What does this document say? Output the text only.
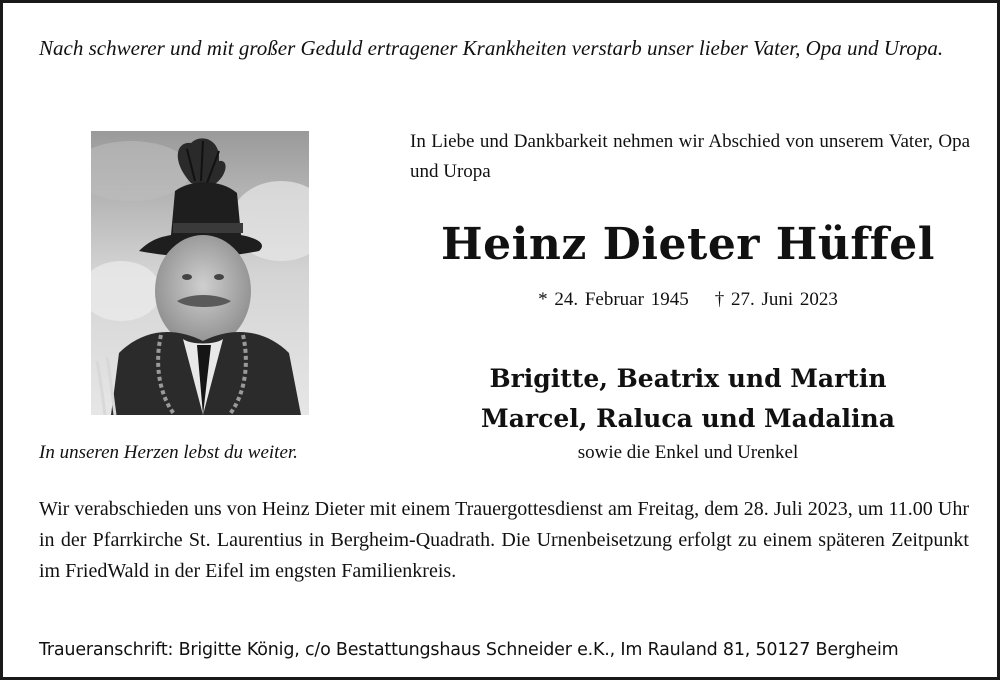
Nach schwerer und mit großer Geduld ertragener Krankheiten verstarb unser lieber Vater, Opa und Uropa.
In unseren Herzen lebst du weiter.
In Liebe und Dankbarkeit nehmen wir Abschied von unserem Vater, Opa und Uropa
Heinz Dieter Hüffel
* 24. Februar 1945 † 27. Juni 2023
Brigitte, Beatrix und Martin
Marcel, Raluca und Madalina
sowie die Enkel und Urenkel
Wir verabschieden uns von Heinz Dieter mit einem Trauergottesdienst am Freitag, dem 28. Juli 2023, um 11.00 Uhr in der Pfarrkirche St. Laurentius in Bergheim-Quadrath. Die Urnenbeisetzung erfolgt zu einem späteren Zeitpunkt im FriedWald in der Eifel im engsten Familienkreis.
Traueranschrift: Brigitte König, c/o Bestattungshaus Schneider e.K., Im Rauland 81, 50127 Bergheim
